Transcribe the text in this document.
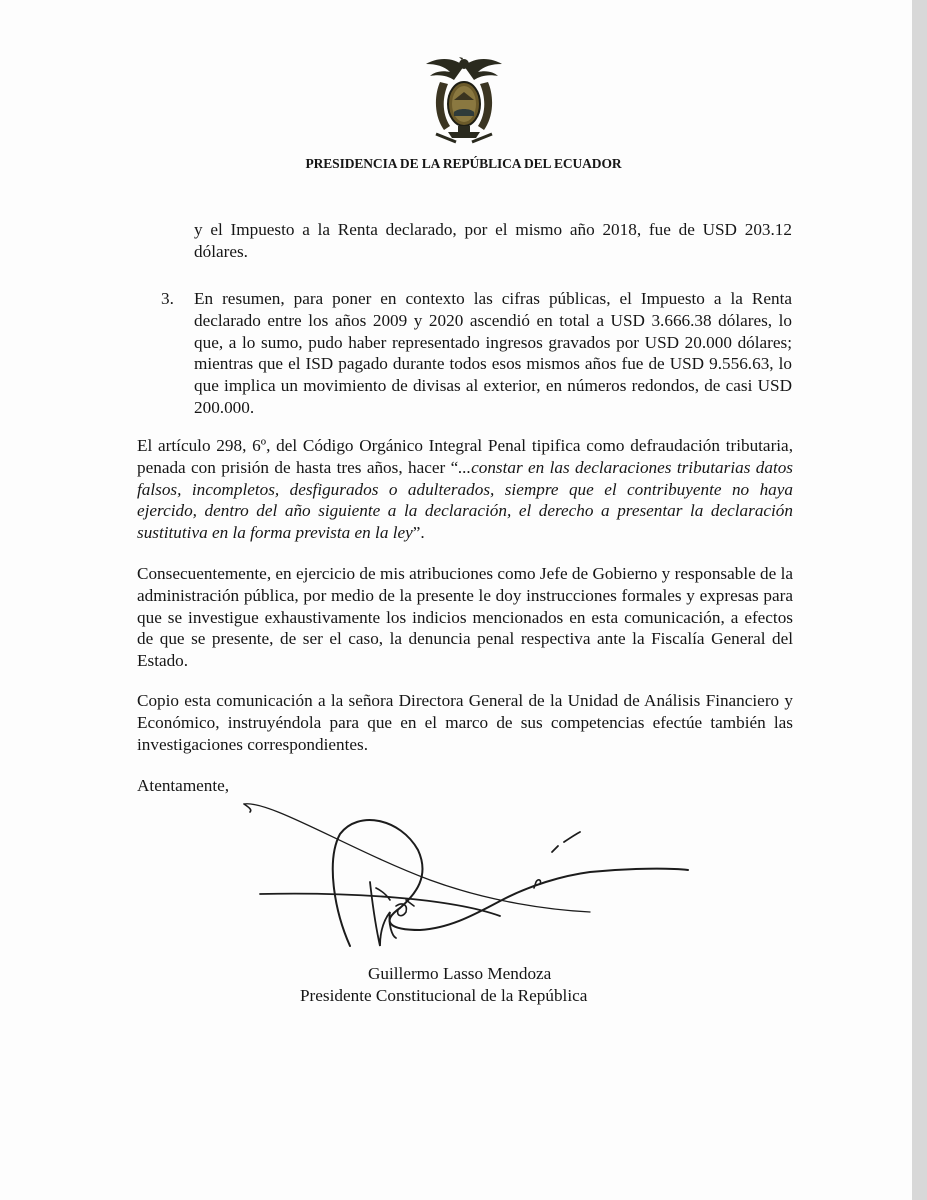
PRESIDENCIA DE LA REPÚBLICA DEL ECUADOR

y el Impuesto a la Renta declarado, por el mismo año 2018, fue de USD 203.12 dólares.

3. En resumen, para poner en contexto las cifras públicas, el Impuesto a la Renta declarado entre los años 2009 y 2020 ascendió en total a USD 3.666.38 dólares, lo que, a lo sumo, pudo haber representado ingresos gravados por USD 20.000 dólares; mientras que el ISD pagado durante todos esos mismos años fue de USD 9.556.63, lo que implica un movimiento de divisas al exterior, en números redondos, de casi USD 200.000.

El artículo 298, 6º, del Código Orgánico Integral Penal tipifica como defraudación tributaria, penada con prisión de hasta tres años, hacer “...constar en las declaraciones tributarias datos falsos, incompletos, desfigurados o adulterados, siempre que el contribuyente no haya ejercido, dentro del año siguiente a la declaración, el derecho a presentar la declaración sustitutiva en la forma prevista en la ley”.

Consecuentemente, en ejercicio de mis atribuciones como Jefe de Gobierno y responsable de la administración pública, por medio de la presente le doy instrucciones formales y expresas para que se investigue exhaustivamente los indicios mencionados en esta comunicación, a efectos de que se presente, de ser el caso, la denuncia penal respectiva ante la Fiscalía General del Estado.

Copio esta comunicación a la señora Directora General de la Unidad de Análisis Financiero y Económico, instruyéndola para que en el marco de sus competencias efectúe también las investigaciones correspondientes.

Atentamente,
Guillermo Lasso Mendoza
Presidente Constitucional de la República
